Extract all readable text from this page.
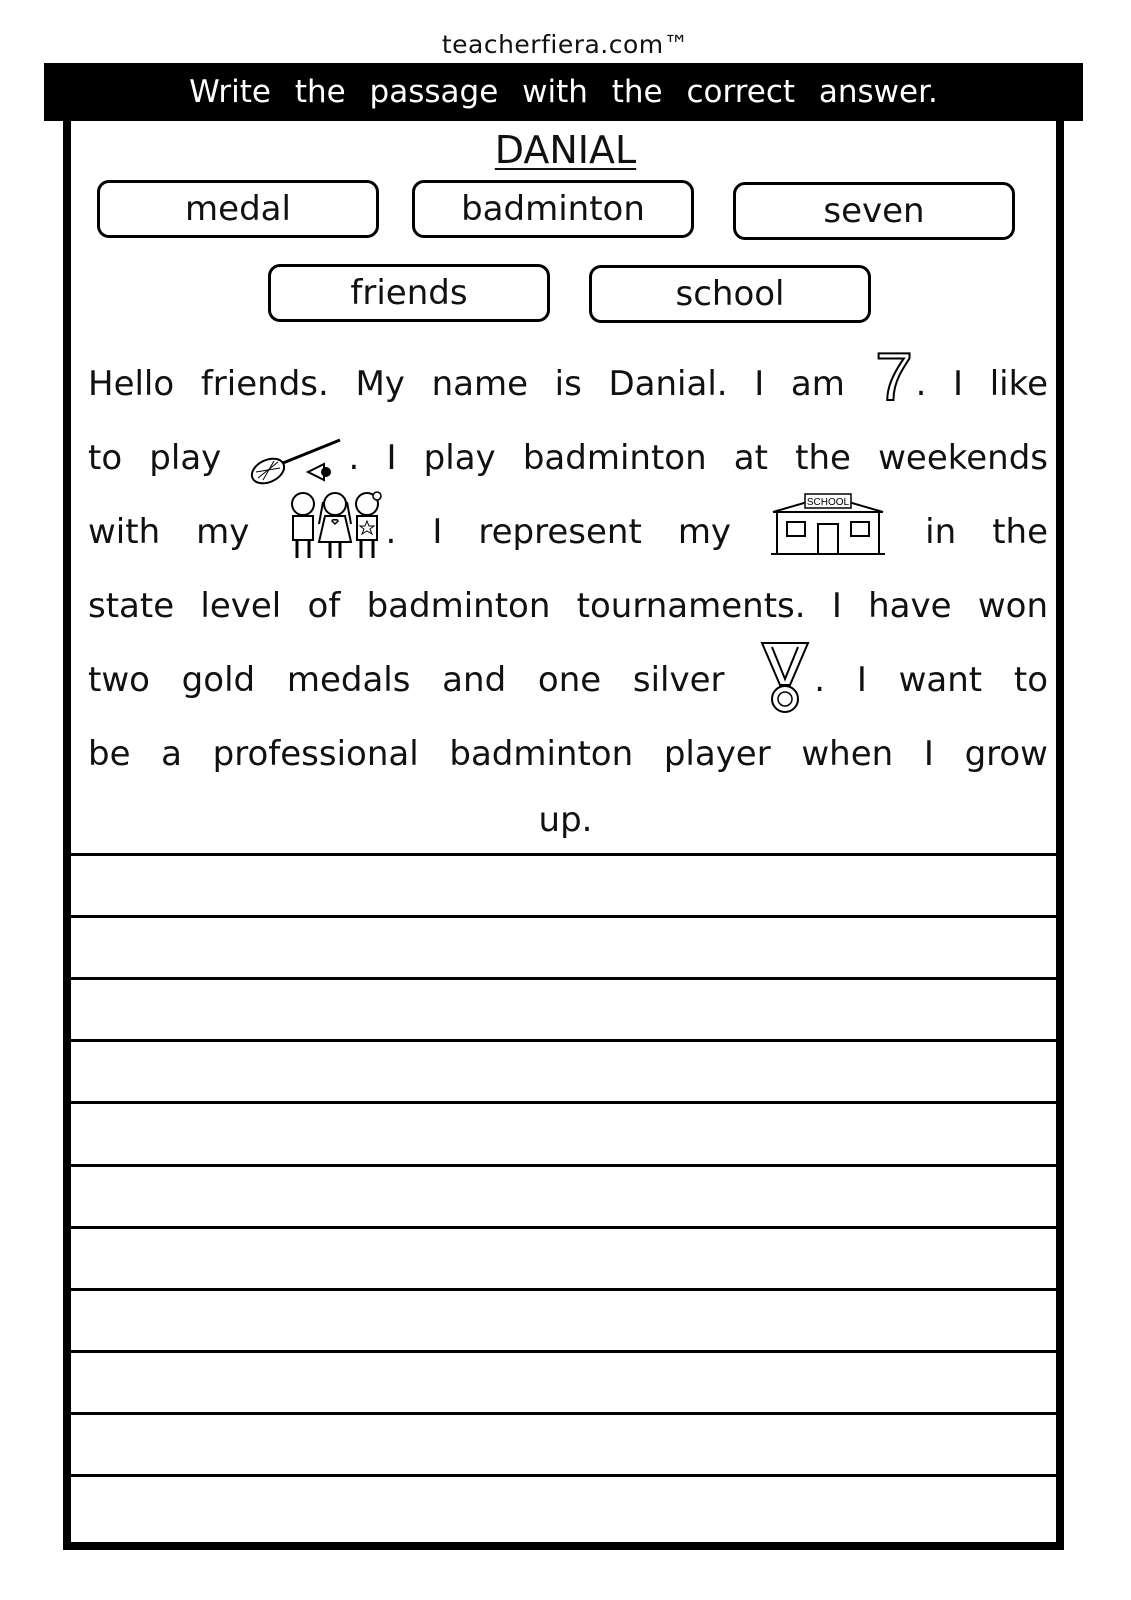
teacherfiera.com™
Write the passage with the correct answer.
DANIAL
medal	badminton	seven
friends	school
Hello friends. My name is Danial. I am 7 . I like
to play	. I play badminton at the weekends
with my	. I represent my
SCHOOL
in the
state level of badminton tournaments. I have won
two gold medals and one silver	. I want to
be a professional badminton player when I grow
up.
